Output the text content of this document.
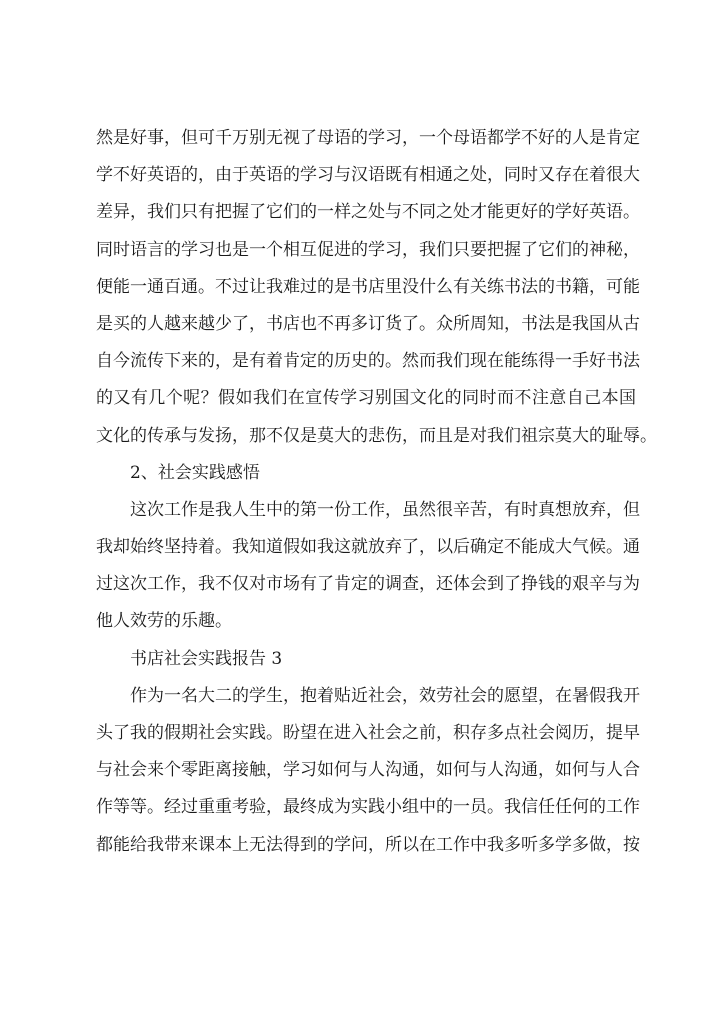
然是好事，但可千万别无视了母语的学习，一个母语都学不好的人是肯定
学不好英语的，由于英语的学习与汉语既有相通之处，同时又存在着很大
差异，我们只有把握了它们的一样之处与不同之处才能更好的学好英语。
同时语言的学习也是一个相互促进的学习，我们只要把握了它们的神秘，
便能一通百通。不过让我难过的是书店里没什么有关练书法的书籍，可能
是买的人越来越少了，书店也不再多订货了。众所周知，书法是我国从古
自今流传下来的，是有着肯定的历史的。然而我们现在能练得一手好书法
的又有几个呢？假如我们在宣传学习别国文化的同时而不注意自己本国
文化的传承与发扬，那不仅是莫大的悲伤，而且是对我们祖宗莫大的耻辱。
2、社会实践感悟
这次工作是我人生中的第一份工作，虽然很辛苦，有时真想放弃，但
我却始终坚持着。我知道假如我这就放弃了，以后确定不能成大气候。通
过这次工作，我不仅对市场有了肯定的调查，还体会到了挣钱的艰辛与为
他人效劳的乐趣。
书店社会实践报告 3
作为一名大二的学生，抱着贴近社会，效劳社会的愿望，在暑假我开
头了我的假期社会实践。盼望在进入社会之前，积存多点社会阅历，提早
与社会来个零距离接触，学习如何与人沟通，如何与人沟通，如何与人合
作等等。经过重重考验，最终成为实践小组中的一员。我信任任何的工作
都能给我带来课本上无法得到的学问，所以在工作中我多听多学多做，按
